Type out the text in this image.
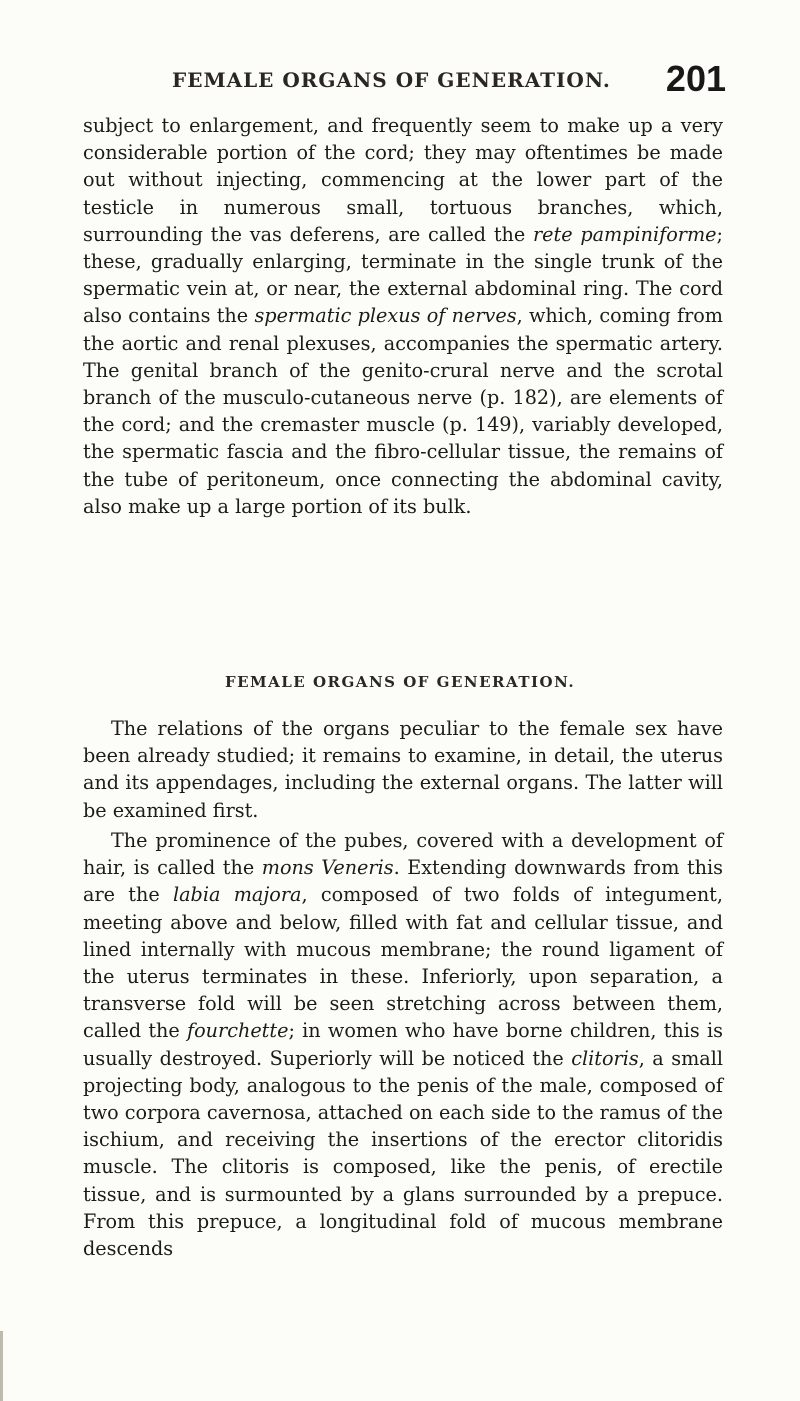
FEMALE ORGANS OF GENERATION. 201
subject to enlargement, and frequently seem to make up a very considerable portion of the cord; they may oftentimes be made out without injecting, commencing at the lower part of the testicle in numerous small, tortuous branches, which, surrounding the vas deferens, are called the rete pampiniforme; these, gradually enlarging, terminate in the single trunk of the spermatic vein at, or near, the external abdominal ring. The cord also contains the spermatic plexus of nerves, which, coming from the aortic and renal plexuses, accompanies the spermatic artery. The genital branch of the genito-crural nerve and the scrotal branch of the musculo-cutaneous nerve (p. 182), are elements of the cord; and the cremaster muscle (p. 149), variably developed, the spermatic fascia and the fibro-cellular tissue, the remains of the tube of peritoneum, once connecting the abdominal cavity, also make up a large portion of its bulk.
FEMALE ORGANS OF GENERATION.
The relations of the organs peculiar to the female sex have been already studied; it remains to examine, in detail, the uterus and its appendages, including the external organs. The latter will be examined first.
The prominence of the pubes, covered with a development of hair, is called the mons Veneris. Extending downwards from this are the labia majora, composed of two folds of integument, meeting above and below, filled with fat and cellular tissue, and lined internally with mucous membrane; the round ligament of the uterus terminates in these. Inferiorly, upon separation, a transverse fold will be seen stretching across between them, called the fourchette; in women who have borne children, this is usually destroyed. Superiorly will be noticed the clitoris, a small projecting body, analogous to the penis of the male, composed of two corpora cavernosa, attached on each side to the ramus of the ischium, and receiving the insertions of the erector clitoridis muscle. The clitoris is composed, like the penis, of erectile tissue, and is surmounted by a glans surrounded by a prepuce. From this prepuce, a longitudinal fold of mucous membrane descends
